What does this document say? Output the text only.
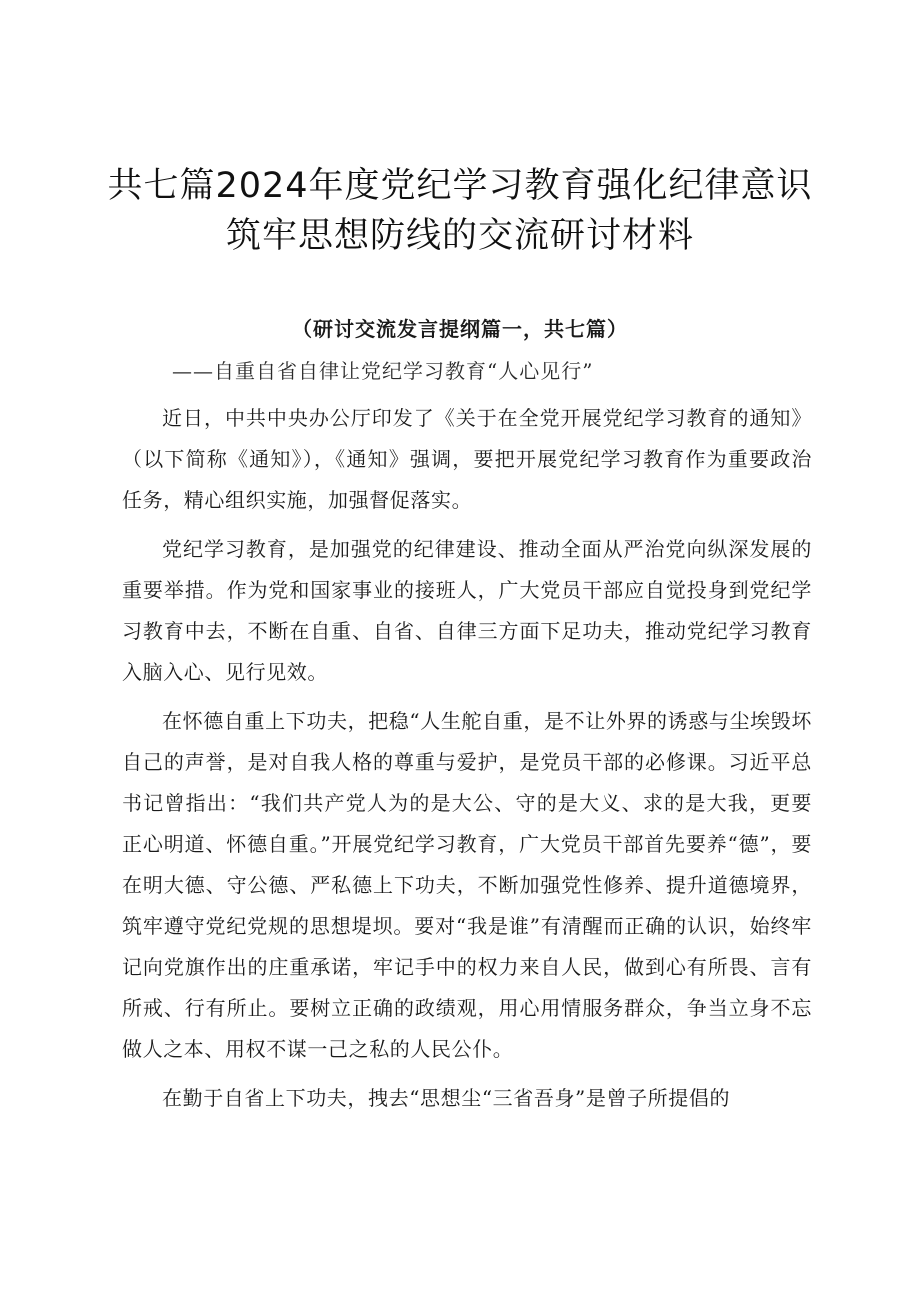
共七篇2024年度党纪学习教育强化纪律意识
筑牢思想防线的交流研讨材料
（研讨交流发言提纲篇一，共七篇）
——自重自省自律让党纪学习教育“人心见行”

近日，中共中央办公厅印发了《关于在全党开展党纪学习教育的通知》（以下简称《通知》），《通知》强调，要把开展党纪学习教育作为重要政治任务，精心组织实施，加强督促落实。

党纪学习教育，是加强党的纪律建设、推动全面从严治党向纵深发展的重要举措。作为党和国家事业的接班人，广大党员干部应自觉投身到党纪学习教育中去，不断在自重、自省、自律三方面下足功夫，推动党纪学习教育入脑入心、见行见效。

在怀德自重上下功夫，把稳“人生舵自重，是不让外界的诱惑与尘埃毁坏自己的声誉，是对自我人格的尊重与爱护，是党员干部的必修课。习近平总书记曾指出：“我们共产党人为的是大公、守的是大义、求的是大我，更要正心明道、怀德自重。”开展党纪学习教育，广大党员干部首先要养“德”，要在明大德、守公德、严私德上下功夫，不断加强党性修养、提升道德境界，筑牢遵守党纪党规的思想堤坝。要对“我是谁”有清醒而正确的认识，始终牢记向党旗作出的庄重承诺，牢记手中的权力来自人民，做到心有所畏、言有所戒、行有所止。要树立正确的政绩观，用心用情服务群众，争当立身不忘做人之本、用权不谋一己之私的人民公仆。

在勤于自省上下功夫，拽去“思想尘“三省吾身”是曾子所提倡的
